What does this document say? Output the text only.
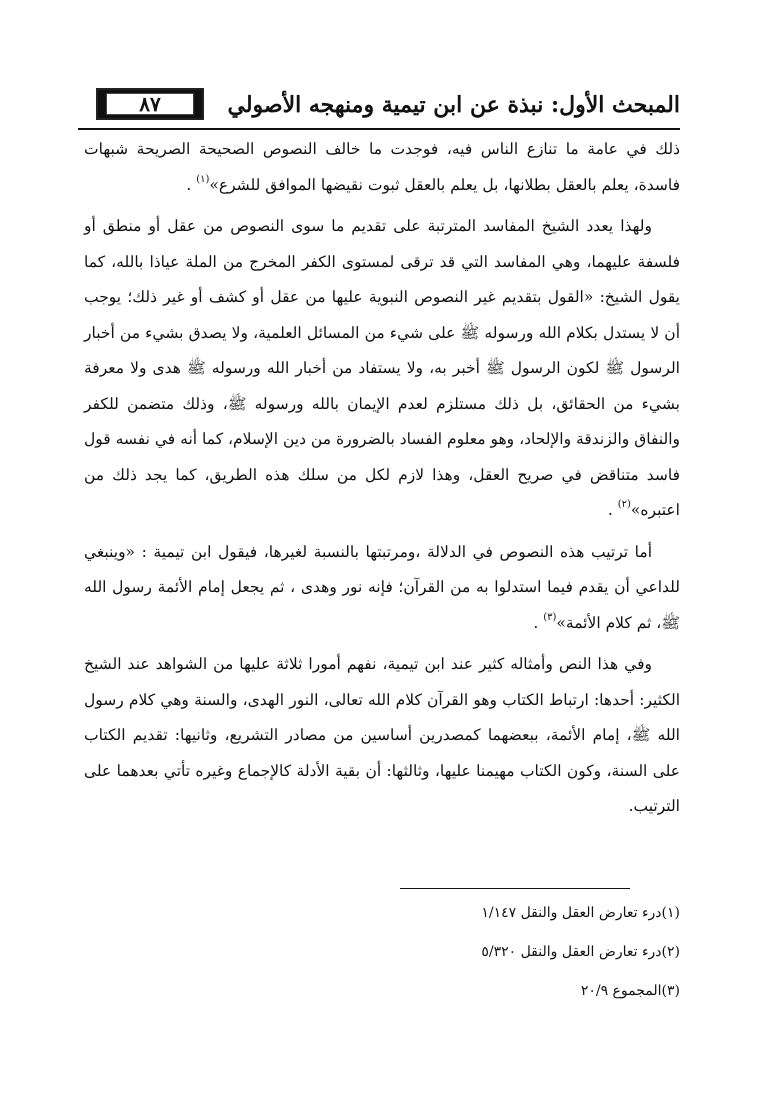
٨٧	المبحث الأول: نبذة عن ابن تيمية ومنهجه الأصولي

ذلك في عامة ما تنازع الناس فيه، فوجدت ما خالف النصوص الصحيحة الصريحة شبهات فاسدة، يعلم بالعقل بطلانها، بل يعلم بالعقل ثبوت نقيضها الموافق للشرع»$^{(١)}$ .

ولهذا يعدد الشيخ المفاسد المترتبة على تقديم ما سوى النصوص من عقل أو منطق أو فلسفة عليهما، وهي المفاسد التي قد ترقى لمستوى الكفر المخرج من الملة عياذا بالله، كما يقول الشيخ: «القول بتقديم غير النصوص النبوية عليها من عقل أو كشف أو غير ذلك؛ يوجب أن لا يستدل بكلام الله ورسوله ﷺ على شيء من المسائل العلمية، ولا يصدق بشيء من أخبار الرسول ﷺ لكون الرسول ﷺ أخبر به، ولا يستفاد من أخبار الله ورسوله ﷺ هدى ولا معرفة بشيء من الحقائق، بل ذلك مستلزم لعدم الإيمان بالله ورسوله ﷺ، وذلك متضمن للكفر والنفاق والزندقة والإلحاد، وهو معلوم الفساد بالضرورة من دين الإسلام، كما أنه في نفسه قول فاسد متناقض في صريح العقل، وهذا لازم لكل من سلك هذه الطريق، كما يجد ذلك من اعتبره»$^{(٢)}$ .

أما ترتيب هذه النصوص في الدلالة ،ومرتبتها بالنسبة لغيرها، فيقول ابن تيمية : «وينبغي للداعي أن يقدم فيما استدلوا به من القرآن؛ فإنه نور وهدى ، ثم يجعل إمام الأئمة رسول الله ﷺ، ثم كلام الأئمة»$^{(٣)}$ .

وفي هذا النص وأمثاله كثير عند ابن تيمية، نفهم أمورا ثلاثة عليها من الشواهد عند الشيخ الكثير: أحدها: ارتباط الكتاب وهو القرآن كلام الله تعالى، النور الهدى، والسنة وهي كلام رسول الله ﷺ، إمام الأئمة، ببعضهما كمصدرين أساسين من مصادر التشريع، وثانيها: تقديم الكتاب على السنة، وكون الكتاب مهيمنا عليها، وثالثها: أن بقية الأدلة كالإجماع وغيره تأتي بعدهما على الترتيب.

(١)درء تعارض العقل والنقل ١/١٤٧
(٢)درء تعارض العقل والنقل ٥/٣٢٠
(٣)المجموع ٢٠/٩
